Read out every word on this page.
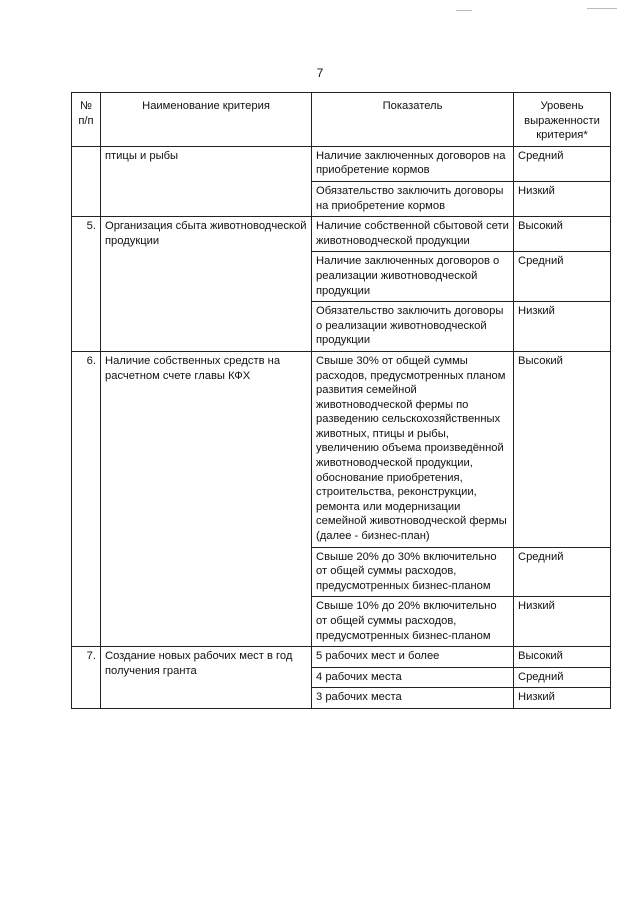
7
№ п/п	Наименование критерия	Показатель	Уровень выраженности критерия*
	птицы и рыбы	Наличие заключенных договоров на приобретение кормов	Средний
		Обязательство заключить договоры на приобретение кормов	Низкий
5.	Организация сбыта животноводческой продукции	Наличие собственной сбытовой сети животноводческой продукции	Высокий
		Наличие заключенных договоров о реализации животноводческой продукции	Средний
		Обязательство заключить договоры о реализации животноводческой продукции	Низкий
6.	Наличие собственных средств на расчетном счете главы КФХ	Свыше 30% от общей суммы расходов, предусмотренных планом развития семейной животноводческой фермы по разведению сельскохозяйственных животных, птицы и рыбы, увеличению объема произведённой животноводческой продукции, обоснование приобретения, строительства, реконструкции, ремонта или модернизации семейной животноводческой фермы (далее - бизнес-план)	Высокий
		Свыше 20% до 30% включительно от общей суммы расходов, предусмотренных бизнес-планом	Средний
		Свыше 10% до 20% включительно от общей суммы расходов, предусмотренных бизнес-планом	Низкий
7.	Создание новых рабочих мест в год получения гранта	5 рабочих мест и более	Высокий
		4 рабочих места	Средний
		3 рабочих места	Низкий
